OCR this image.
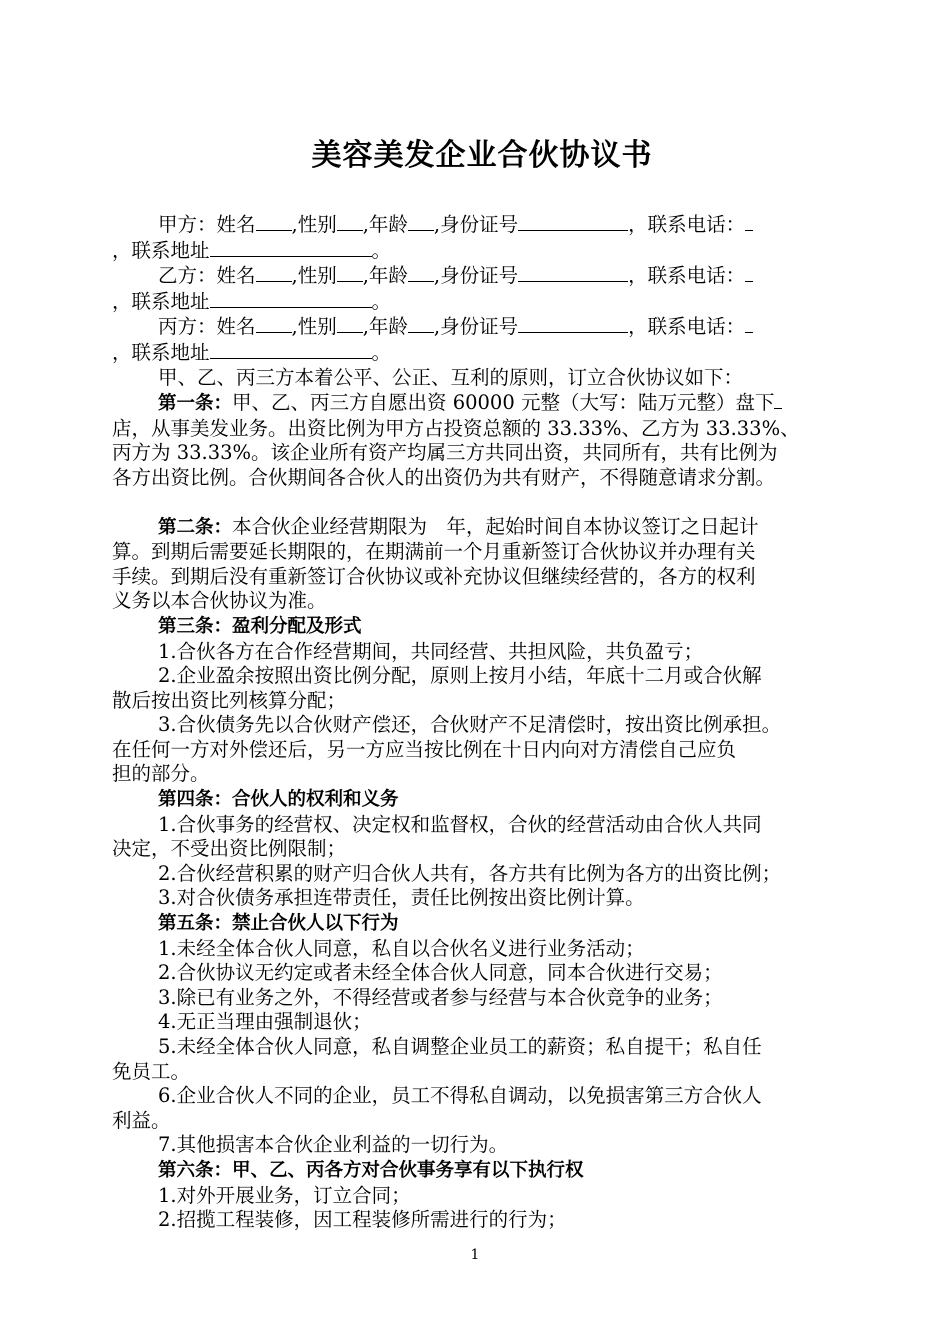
美容美发企业合伙协议书

甲方：姓名 ,性别 ,年龄 ,身份证号	，联系电话：

，联系地址	。

乙方：姓名 ,性别 ,年龄 ,身份证号	，联系电话：

，联系地址	。

丙方：姓名 ,性别 ,年龄 ,身份证号	，联系电话：

，联系地址	。

甲、乙、丙三方本着公平、公正、互利的原则，订立合伙协议如下：

第一条：甲、乙、丙三方自愿出资 60000 元整（大写：陆万元整）盘下

店，从事美发业务。出资比例为甲方占投资总额的 33.33%、乙方为 33.33%、

丙方为 33.33%。该企业所有资产均属三方共同出资，共同所有，共有比例为

各方出资比例。合伙期间各合伙人的出资仍为共有财产，不得随意请求分割。

第二条：本合伙企业经营期限为　年，起始时间自本协议签订之日起计

算。到期后需要延长期限的，在期满前一个月重新签订合伙协议并办理有关

手续。到期后没有重新签订合伙协议或补充协议但继续经营的，各方的权利

义务以本合伙协议为准。

第三条：盈利分配及形式

1.合伙各方在合作经营期间，共同经营、共担风险，共负盈亏；

2.企业盈余按照出资比例分配，原则上按月小结，年底十二月或合伙解

散后按出资比列核算分配；

3.合伙债务先以合伙财产偿还，合伙财产不足清偿时，按出资比例承担。

在任何一方对外偿还后，另一方应当按比例在十日内向对方清偿自己应负

担的部分。

第四条：合伙人的权利和义务

1.合伙事务的经营权、决定权和监督权，合伙的经营活动由合伙人共同

决定，不受出资比例限制；

2.合伙经营积累的财产归合伙人共有，各方共有比例为各方的出资比例；

3.对合伙债务承担连带责任，责任比例按出资比例计算。

第五条：禁止合伙人以下行为

1.未经全体合伙人同意，私自以合伙名义进行业务活动；

2.合伙协议无约定或者未经全体合伙人同意，同本合伙进行交易；

3.除已有业务之外，不得经营或者参与经营与本合伙竞争的业务；

4.无正当理由强制退伙；

5.未经全体合伙人同意，私自调整企业员工的薪资；私自提干；私自任

免员工。

6.企业合伙人不同的企业，员工不得私自调动，以免损害第三方合伙人

利益。

7.其他损害本合伙企业利益的一切行为。

第六条：甲、乙、丙各方对合伙事务享有以下执行权

1.对外开展业务，订立合同；

2.招揽工程装修，因工程装修所需进行的行为；

1
